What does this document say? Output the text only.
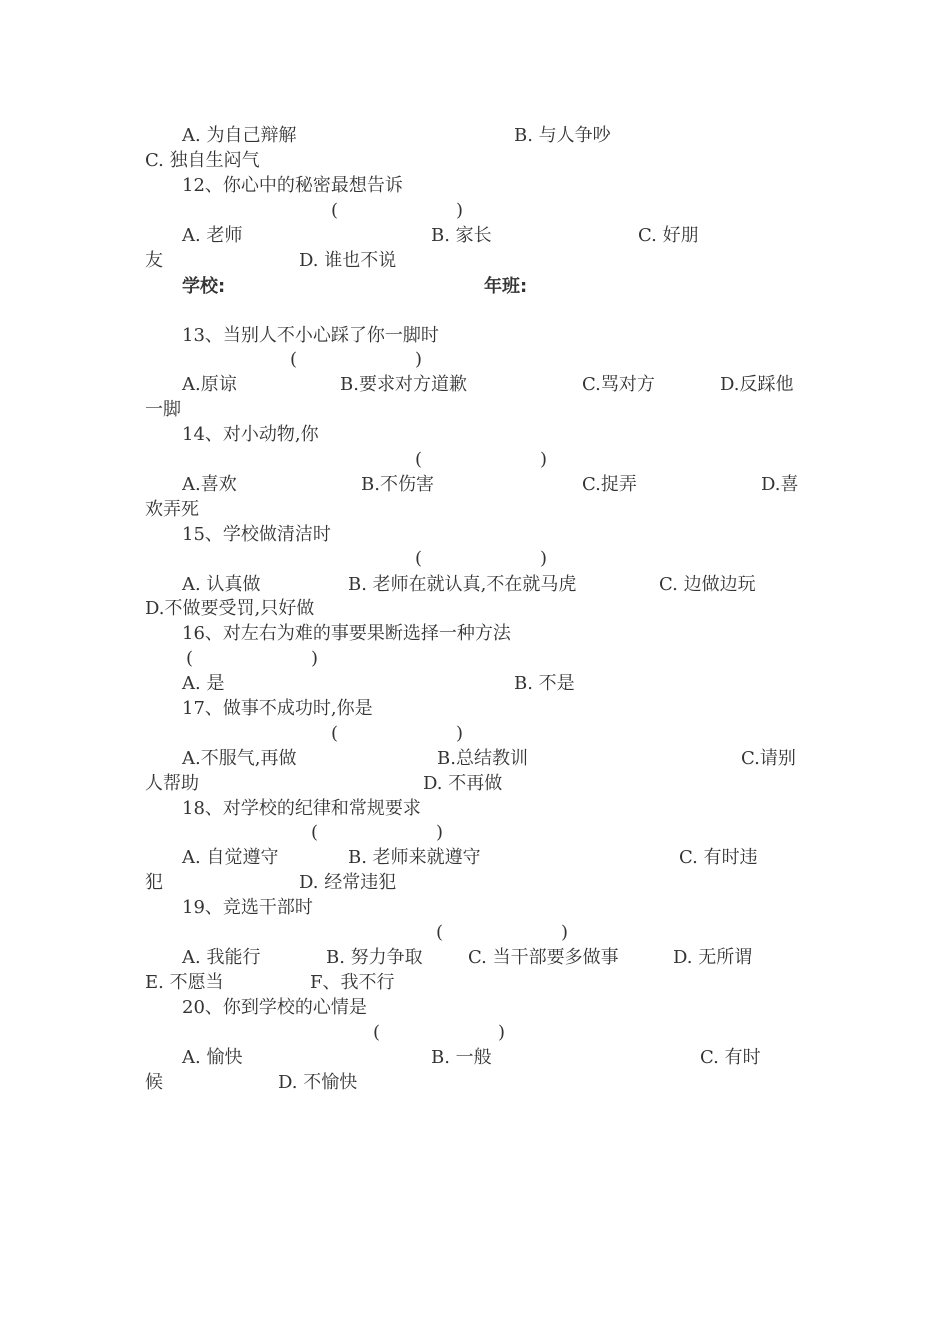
A. 为自己辩解	B. 与人争吵
C. 独自生闷气
12、你心中的秘密最想告诉
(	)
A. 老师	B. 家长	C. 好朋
友	D. 谁也不说
学校:	年班:
13、当别人不小心踩了你一脚时
(	)
A.原谅	B.要求对方道歉	C.骂对方	D.反踩他
一脚
14、对小动物,你
(	)
A.喜欢	B.不伤害	C.捉弄	D.喜
欢弄死
15、学校做清洁时
(	)
A. 认真做	B. 老师在就认真,不在就马虎	C. 边做边玩
D.不做要受罚,只好做
16、对左右为难的事要果断选择一种方法
(	)
A. 是	B. 不是
17、做事不成功时,你是
(	)
A.不服气,再做	B.总结教训	C.请别
人帮助	D. 不再做
18、对学校的纪律和常规要求
(	)
A. 自觉遵守	B. 老师来就遵守	C. 有时违
犯	D. 经常违犯
19、竞选干部时
(	)
A. 我能行	B. 努力争取	C. 当干部要多做事	D. 无所谓
E. 不愿当	F、我不行
20、你到学校的心情是
(	)
A. 愉快	B. 一般	C. 有时
候	D. 不愉快
